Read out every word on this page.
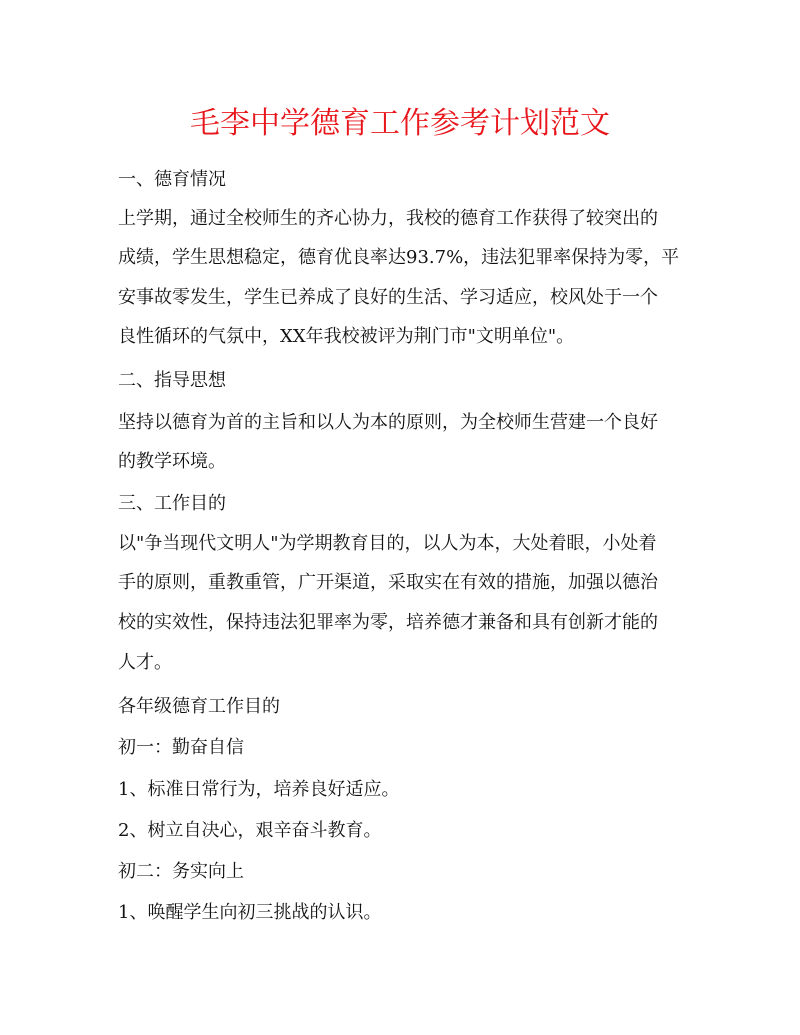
毛李中学德育工作参考计划范文
一、德育情况
上学期，通过全校师生的齐心协力，我校的德育工作获得了较突出的
成绩，学生思想稳定，德育优良率达93.7%，违法犯罪率保持为零，平
安事故零发生，学生已养成了良好的生活、学习适应，校风处于一个
良性循环的气氛中，XX年我校被评为荆门市"文明单位"。
二、指导思想
坚持以德育为首的主旨和以人为本的原则，为全校师生营建一个良好
的教学环境。
三、工作目的
以"争当现代文明人"为学期教育目的，以人为本，大处着眼，小处着
手的原则，重教重管，广开渠道，采取实在有效的措施，加强以德治
校的实效性，保持违法犯罪率为零，培养德才兼备和具有创新才能的
人才。
各年级德育工作目的
初一：勤奋自信
1、标准日常行为，培养良好适应。
2、树立自决心，艰辛奋斗教育。
初二：务实向上
1、唤醒学生向初三挑战的认识。
